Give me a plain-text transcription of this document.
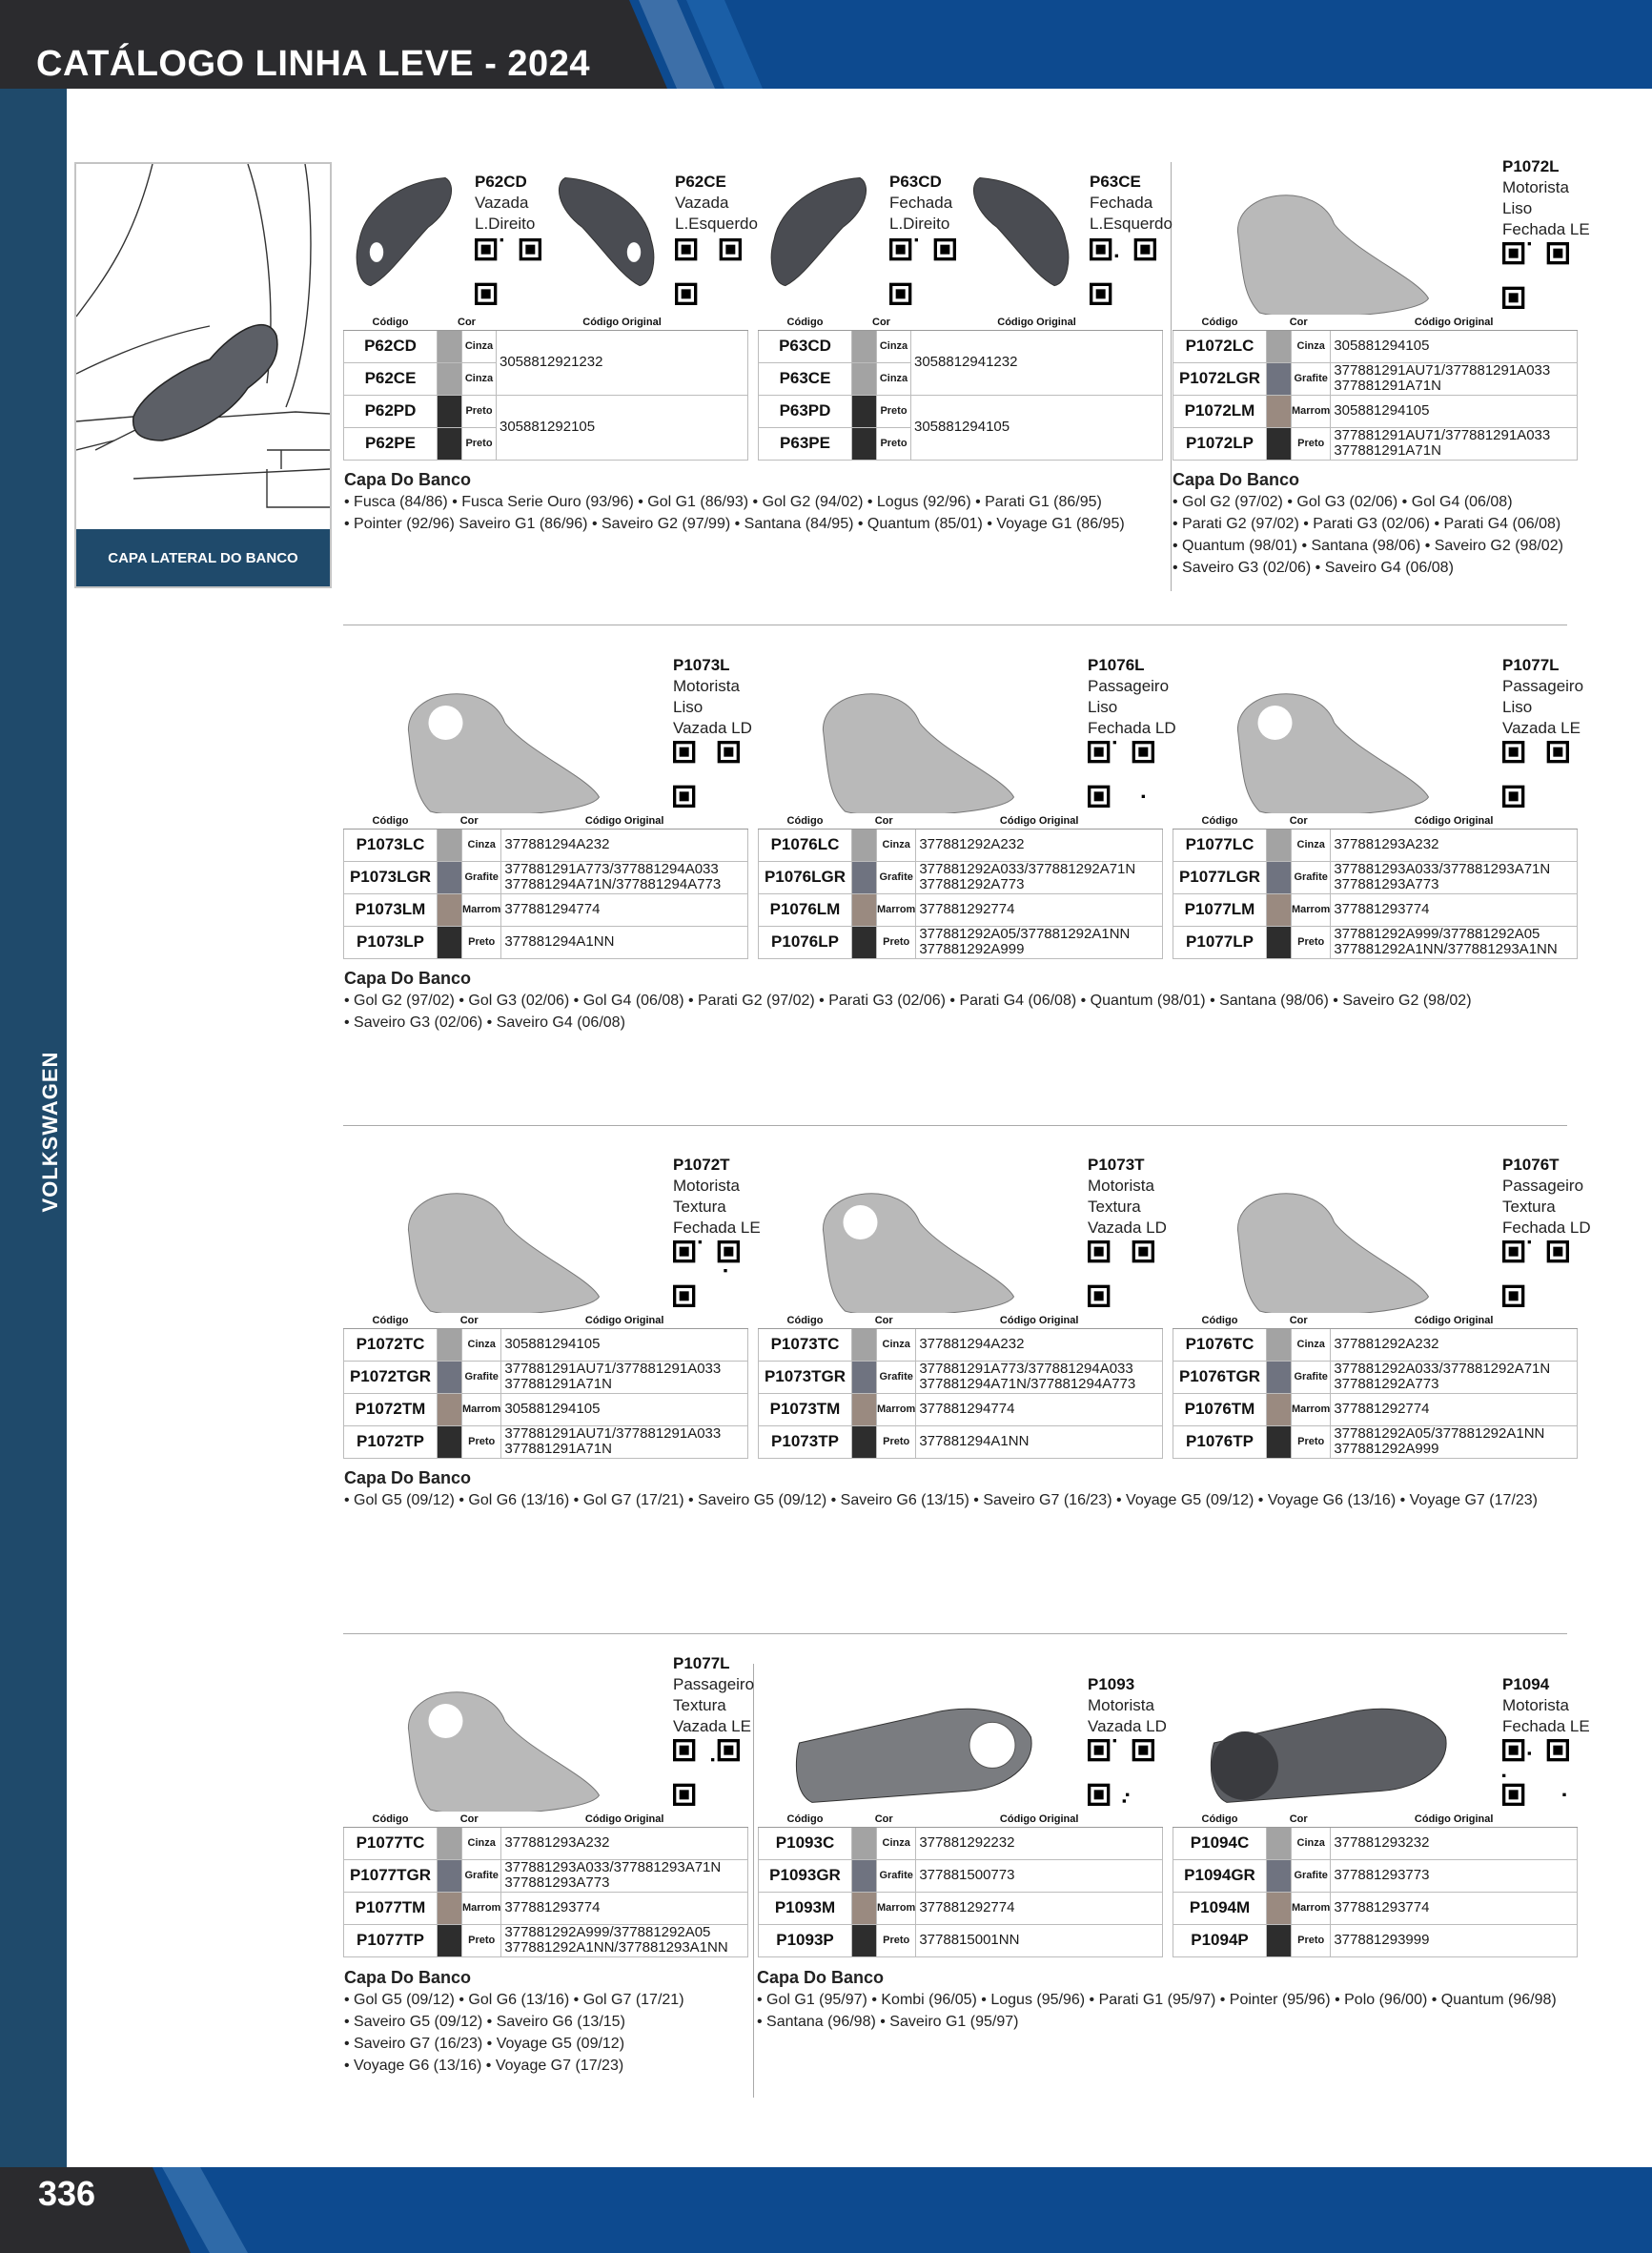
CATÁLOGO LINHA LEVE - 2024
VOLKSWAGEN
336
CAPA LATERAL DO BANCO
P62CD
Vazada
L.Direito
P62CE
Vazada
L.Esquerdo
Código	Cor		Código Original
P62CD		Cinza	3058812921232
P62CE		Cinza	
P62PD		Preto	305881292105
P62PE		Preto	
P63CD
Fechada
L.Direito
P63CE
Fechada
L.Esquerdo
Código	Cor		Código Original
P63CD		Cinza	3058812941232
P63CE		Cinza	
P63PD		Preto	305881294105
P63PE		Preto	
P1072L
Motorista
Liso
Fechada LE
Código	Cor		Código Original
P1072LC		Cinza	305881294105

P1072LGR		Grafite	377881291AU71/377881291A033
377881291A71N

P1072LM		Marrom	305881294105

P1072LP		Preto	377881291AU71/377881291A033
377881291A71N
P1073L
Motorista
Liso
Vazada LD
Código	Cor		Código Original
P1073LC		Cinza	377881294A232

P1073LGR		Grafite	377881291A773/377881294A033
377881294A71N/377881294A773

P1073LM		Marrom	377881294774

P1073LP		Preto	377881294A1NN
P1076L
Passageiro
Liso
Fechada LD
Código	Cor		Código Original
P1076LC		Cinza	377881292A232

P1076LGR		Grafite	377881292A033/377881292A71N
377881292A773

P1076LM		Marrom	377881292774

P1076LP		Preto	377881292A05/377881292A1NN
377881292A999
P1077L
Passageiro
Liso
Vazada LE
Código	Cor		Código Original
P1077LC		Cinza	377881293A232

P1077LGR		Grafite	377881293A033/377881293A71N
377881293A773

P1077LM		Marrom	377881293774

P1077LP		Preto	377881292A999/377881292A05
377881292A1NN/377881293A1NN
P1072T
Motorista
Textura
Fechada LE
Código	Cor		Código Original
P1072TC		Cinza	305881294105

P1072TGR		Grafite	377881291AU71/377881291A033
377881291A71N

P1072TM		Marrom	305881294105

P1072TP		Preto	377881291AU71/377881291A033
377881291A71N
P1073T
Motorista
Textura
Vazada LD
Código	Cor		Código Original
P1073TC		Cinza	377881294A232

P1073TGR		Grafite	377881291A773/377881294A033
377881294A71N/377881294A773

P1073TM		Marrom	377881294774

P1073TP		Preto	377881294A1NN
P1076T
Passageiro
Textura
Fechada LD
Código	Cor		Código Original
P1076TC		Cinza	377881292A232

P1076TGR		Grafite	377881292A033/377881292A71N
377881292A773

P1076TM		Marrom	377881292774

P1076TP		Preto	377881292A05/377881292A1NN
377881292A999
P1077L
Passageiro
Textura
Vazada LE
Código	Cor		Código Original
P1077TC		Cinza	377881293A232

P1077TGR		Grafite	377881293A033/377881293A71N
377881293A773

P1077TM		Marrom	377881293774

P1077TP		Preto	377881292A999/377881292A05
377881292A1NN/377881293A1NN
P1093
Motorista
Vazada LD
Código	Cor		Código Original
P1093C		Cinza	377881292232

P1093GR		Grafite	377881500773

P1093M		Marrom	377881292774

P1093P		Preto	3778815001NN
P1094
Motorista
Fechada LE
Código	Cor		Código Original
P1094C		Cinza	377881293232

P1094GR		Grafite	377881293773

P1094M		Marrom	377881293774

P1094P		Preto	377881293999
Capa Do Banco
• Fusca (84/86) • Fusca Serie Ouro (93/96) • Gol G1 (86/93) • Gol G2 (94/02) • Logus (92/96) • Parati G1 (86/95)
• Pointer (92/96) Saveiro G1 (86/96) • Saveiro G2 (97/99) • Santana (84/95) • Quantum (85/01) • Voyage G1 (86/95)
Capa Do Banco
• Gol G2 (97/02) • Gol G3 (02/06) • Gol G4 (06/08)
• Parati G2 (97/02) • Parati G3 (02/06) • Parati G4 (06/08)
• Quantum (98/01) • Santana (98/06) • Saveiro G2 (98/02)
• Saveiro G3 (02/06) • Saveiro G4 (06/08)
Capa Do Banco
• Gol G2 (97/02) • Gol G3 (02/06) • Gol G4 (06/08) • Parati G2 (97/02) • Parati G3 (02/06) • Parati G4 (06/08) • Quantum (98/01) • Santana (98/06) • Saveiro G2 (98/02)
• Saveiro G3 (02/06) • Saveiro G4 (06/08)
Capa Do Banco
• Gol G5 (09/12) • Gol G6 (13/16) • Gol G7 (17/21) • Saveiro G5 (09/12) • Saveiro G6 (13/15) • Saveiro G7 (16/23) • Voyage G5 (09/12) • Voyage G6 (13/16) • Voyage G7 (17/23)
Capa Do Banco
• Gol G5 (09/12) • Gol G6 (13/16) • Gol G7 (17/21)
• Saveiro G5 (09/12) • Saveiro G6 (13/15)
• Saveiro G7 (16/23) • Voyage G5 (09/12)
• Voyage G6 (13/16) • Voyage G7 (17/23)
Capa Do Banco
• Gol G1 (95/97) • Kombi (96/05) • Logus (95/96) • Parati G1 (95/97) • Pointer (95/96) • Polo (96/00) • Quantum (96/98)
• Santana (96/98) • Saveiro G1 (95/97)
